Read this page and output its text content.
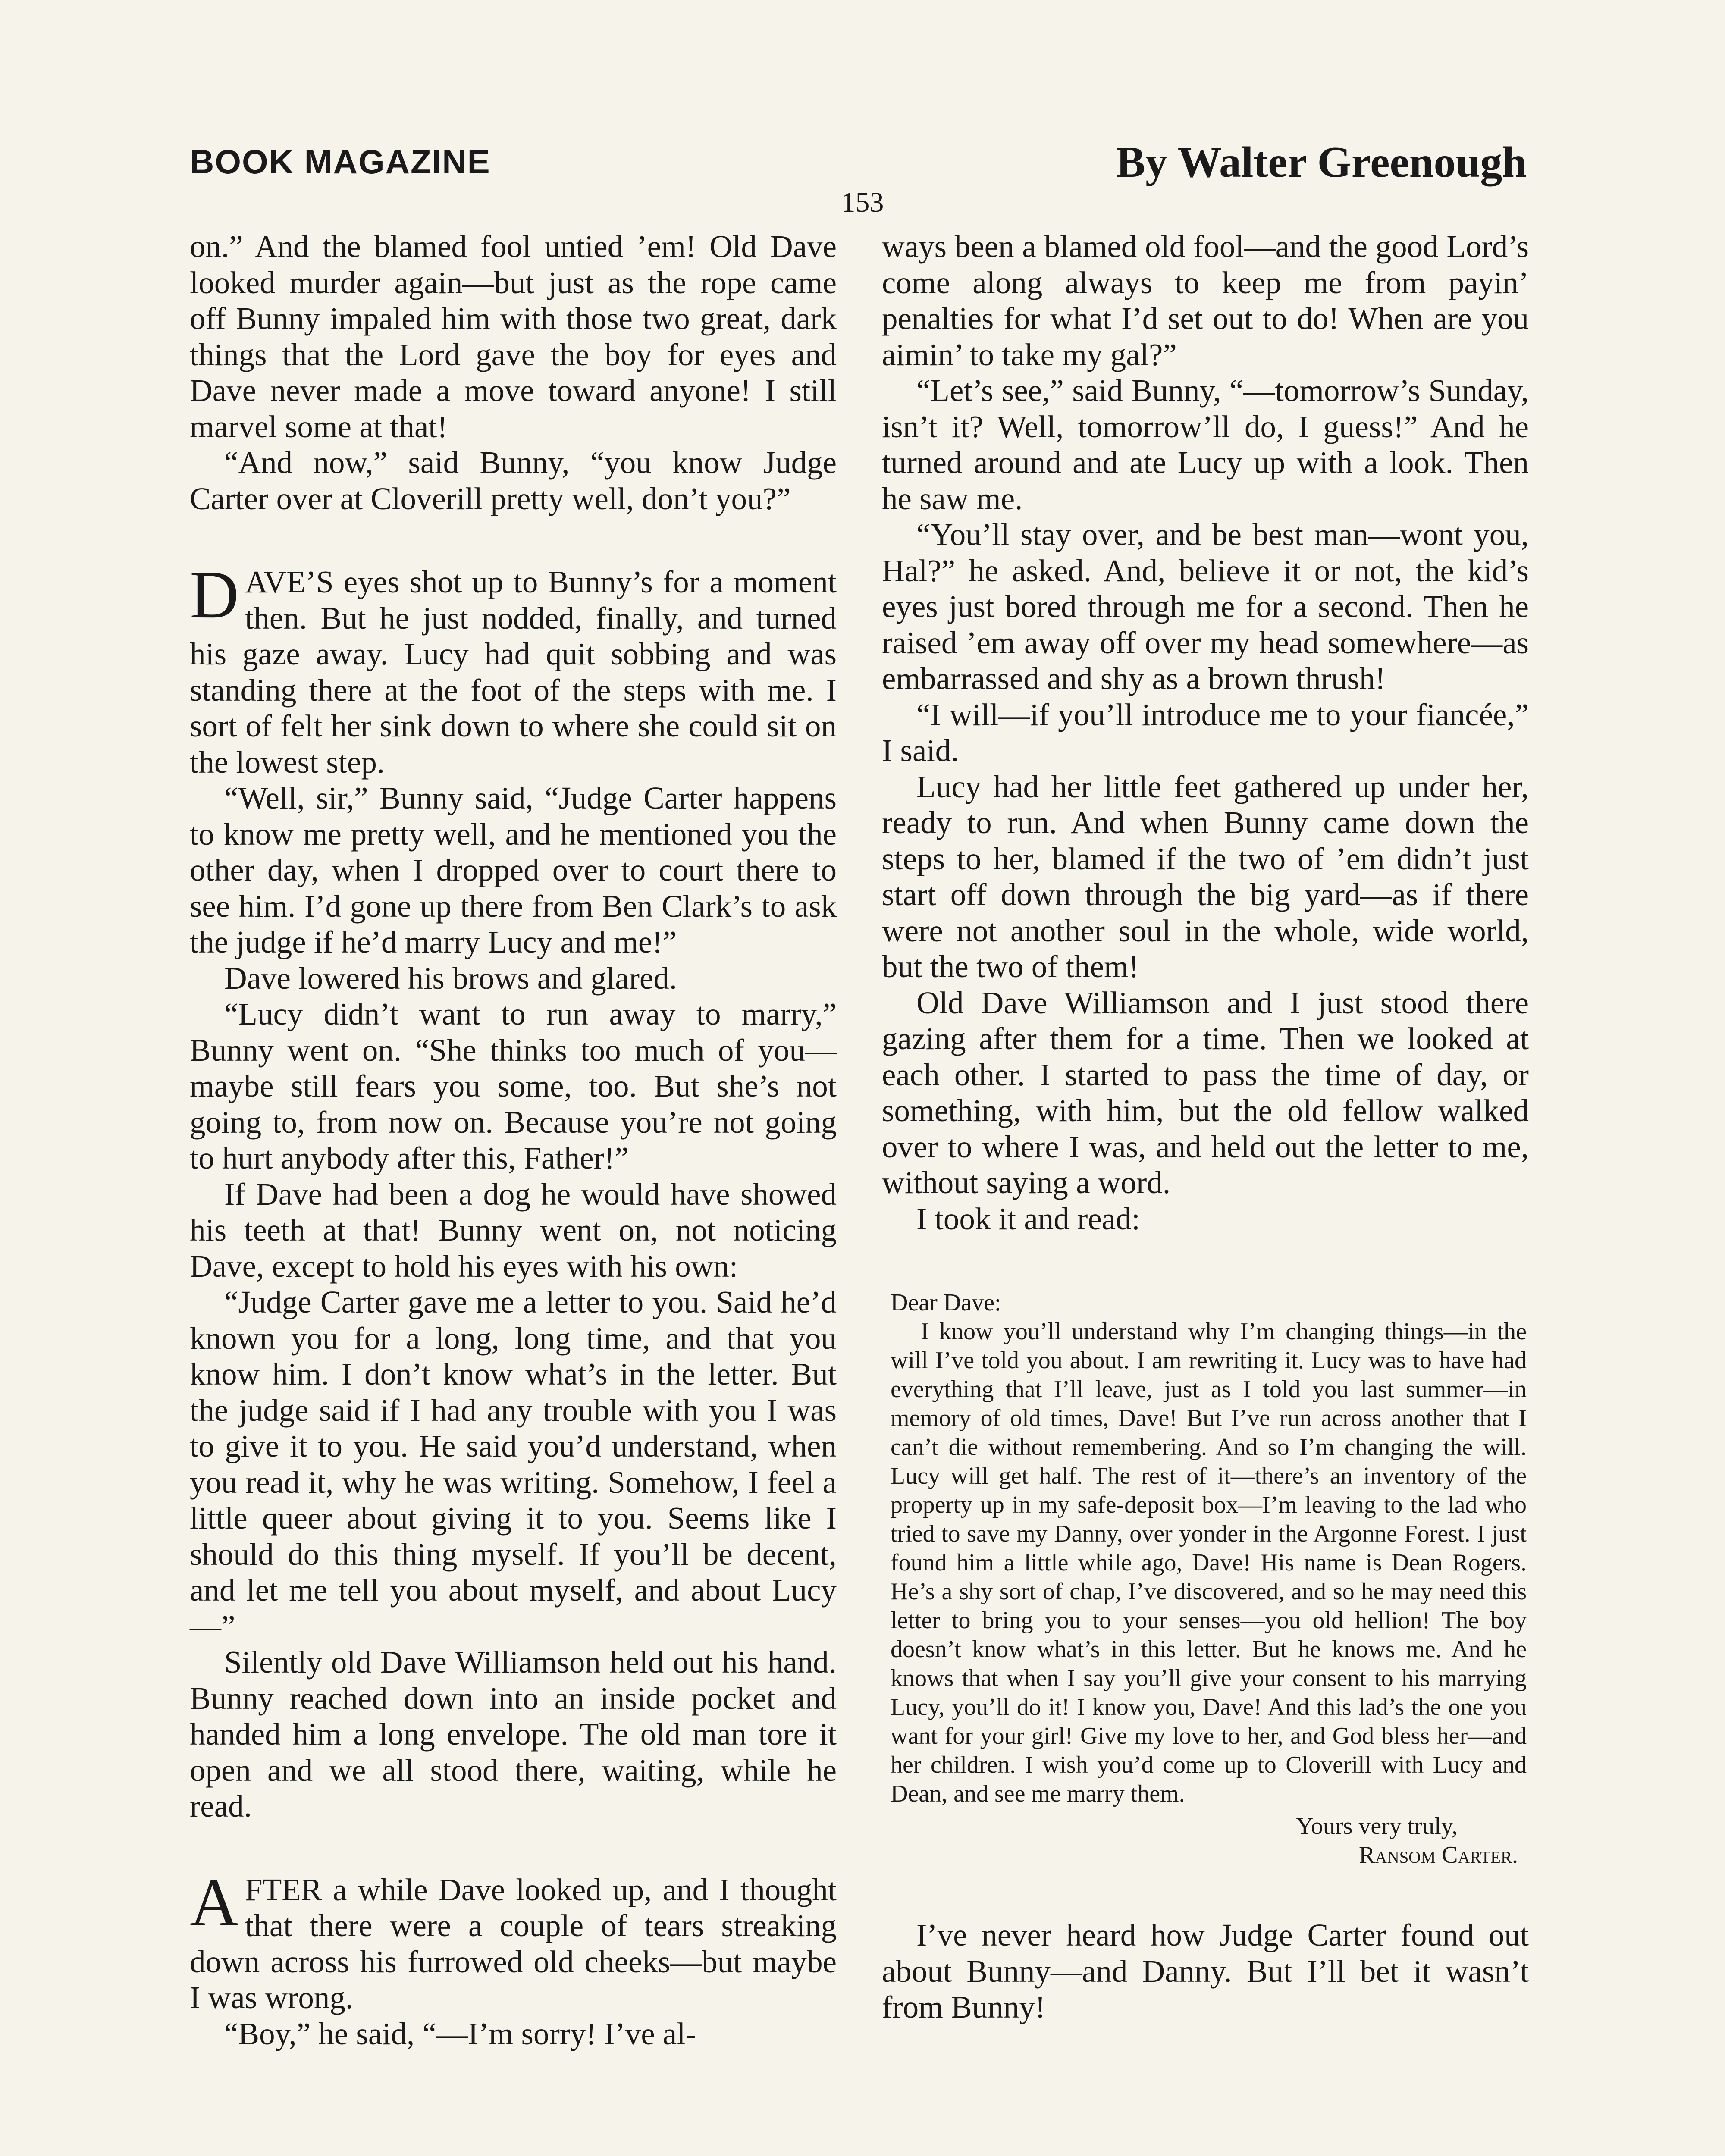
BOOK MAGAZINE	By Walter Greenough
153

on.” And the blamed fool untied ’em! Old Dave looked murder again—but just as the rope came off Bunny impaled him with those two great, dark things that the Lord gave the boy for eyes and Dave never made a move toward anyone! I still marvel some at that!

“And now,” said Bunny, “you know Judge Carter over at Cloverill pretty well, don’t you?”

DAVE’S eyes shot up to Bunny’s for a moment then. But he just nodded, finally, and turned his gaze away. Lucy had quit sobbing and was standing there at the foot of the steps with me. I sort of felt her sink down to where she could sit on the lowest step.

“Well, sir,” Bunny said, “Judge Carter happens to know me pretty well, and he mentioned you the other day, when I dropped over to court there to see him. I’d gone up there from Ben Clark’s to ask the judge if he’d marry Lucy and me!”

Dave lowered his brows and glared.

“Lucy didn’t want to run away to marry,” Bunny went on. “She thinks too much of you—maybe still fears you some, too. But she’s not going to, from now on. Because you’re not going to hurt anybody after this, Father!”

If Dave had been a dog he would have showed his teeth at that! Bunny went on, not noticing Dave, except to hold his eyes with his own:

“Judge Carter gave me a letter to you. Said he’d known you for a long, long time, and that you know him. I don’t know what’s in the letter. But the judge said if I had any trouble with you I was to give it to you. He said you’d understand, when you read it, why he was writing. Somehow, I feel a little queer about giving it to you. Seems like I should do this thing myself. If you’ll be decent, and let me tell you about myself, and about Lucy—”

Silently old Dave Williamson held out his hand. Bunny reached down into an inside pocket and handed him a long envelope. The old man tore it open and we all stood there, waiting, while he read.

AFTER a while Dave looked up, and I thought that there were a couple of tears streaking down across his furrowed old cheeks—but maybe I was wrong.

“Boy,” he said, “—I’m sorry! I’ve al-

ways been a blamed old fool—and the good Lord’s come along always to keep me from payin’ penalties for what I’d set out to do! When are you aimin’ to take my gal?”

“Let’s see,” said Bunny, “—tomorrow’s Sunday, isn’t it? Well, tomorrow’ll do, I guess!” And he turned around and ate Lucy up with a look. Then he saw me.

“You’ll stay over, and be best man—wont you, Hal?” he asked. And, believe it or not, the kid’s eyes just bored through me for a second. Then he raised ’em away off over my head somewhere—as embarrassed and shy as a brown thrush!

“I will—if you’ll introduce me to your fiancée,” I said.

Lucy had her little feet gathered up under her, ready to run. And when Bunny came down the steps to her, blamed if the two of ’em didn’t just start off down through the big yard—as if there were not another soul in the whole, wide world, but the two of them!

Old Dave Williamson and I just stood there gazing after them for a time. Then we looked at each other. I started to pass the time of day, or something, with him, but the old fellow walked over to where I was, and held out the letter to me, without saying a word.

I took it and read:

Dear Dave:

I know you’ll understand why I’m changing things—in the will I’ve told you about. I am rewriting it. Lucy was to have had everything that I’ll leave, just as I told you last summer—in memory of old times, Dave! But I’ve run across another that I can’t die without remembering. And so I’m changing the will. Lucy will get half. The rest of it—there’s an inventory of the property up in my safe-deposit box—I’m leaving to the lad who tried to save my Danny, over yonder in the Argonne Forest. I just found him a little while ago, Dave! His name is Dean Rogers. He’s a shy sort of chap, I’ve discovered, and so he may need this letter to bring you to your senses—you old hellion! The boy doesn’t know what’s in this letter. But he knows me. And he knows that when I say you’ll give your consent to his marrying Lucy, you’ll do it! I know you, Dave! And this lad’s the one you want for your girl! Give my love to her, and God bless her—and her children. I wish you’d come up to Cloverill with Lucy and Dean, and see me marry them.

Yours very truly,

Ransom Carter.

I’ve never heard how Judge Carter found out about Bunny—and Danny. But I’ll bet it wasn’t from Bunny!
